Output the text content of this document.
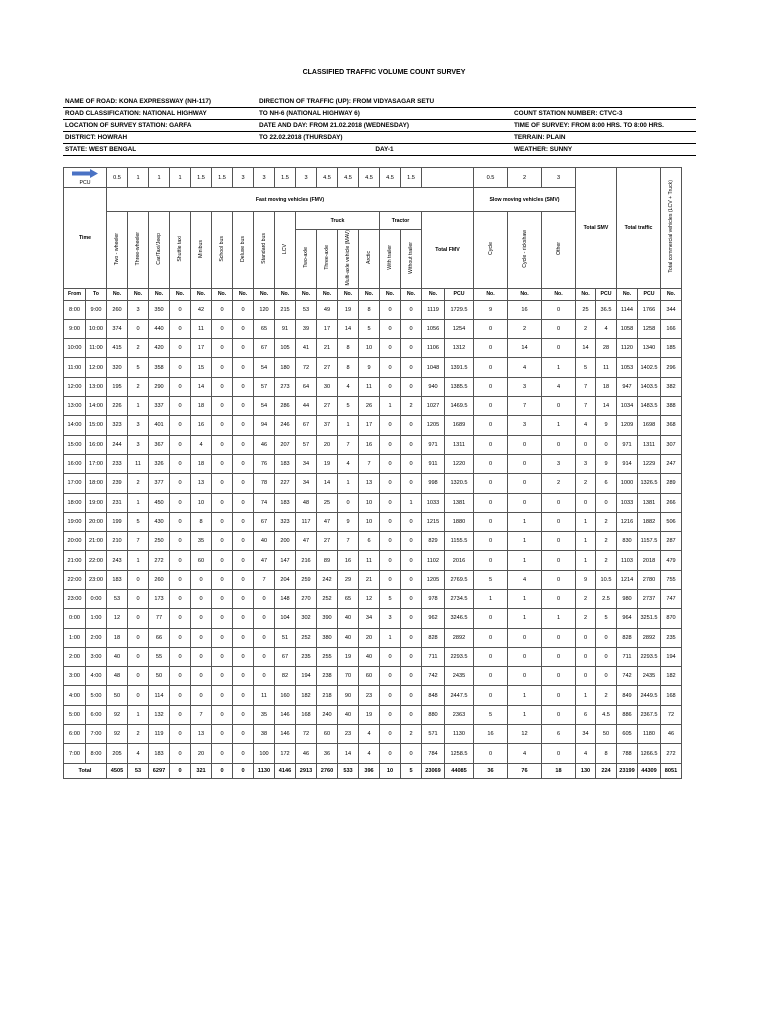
CLASSIFIED TRAFFIC VOLUME COUNT SURVEY
NAME OF ROAD: KONA EXPRESSWAY (NH-117)	DIRECTION OF TRAFFIC (UP): FROM VIDYASAGAR SETU	
ROAD CLASSIFICATION: NATIONAL HIGHWAY	TO NH-6 (NATIONAL HIGHWAY 6)	COUNT STATION NUMBER: CTVC-3
LOCATION OF SURVEY STATION: GARFA	DATE AND DAY: FROM 21.02.2018 (WEDNESDAY)	TIME OF SURVEY: FROM 8:00 HRS. TO 8:00 HRS.
DISTRICT: HOWRAH	TO 22.02.2018 (THURSDAY)	TERRAIN: PLAIN
STATE: WEST BENGAL	DAY-1	WEATHER: SUNNY

PCU		0.5	1	1	1	1.5	1.5	3	3	1.5	3	4.5	4.5	4.5	4.5	1.5			0.5	2	3	Total SMV		Total traffic		Total commercial vehicles (LCV + Truck)
Time		Fast moving vehicles (FMV)																	Slow moving vehicles (SMV)							
		Two - wheeler	Three-wheeler	Car/Taxi/Jeep	Shuttle taxi	Minibus	School bus	Deluxe bus	Standard bus	LCV	Truck				Tractor		Total FMV		Cycle	Cycle - rickshaw	Other					
											Two-axle	Three-axle	Multi-axle vehicle (MAV)	Arctic	With trailer	Without trailer										
From	To	No.	No.	No.	No.	No.	No.	No.	No.	No.	No.	No.	No.	No.	No.	No.	No.	PCU	No.	No.	No.	No.	PCU	No.	PCU	No.
8:00	9:00	260	3	350	0	42	0	0	120	215	53	49	19	8	0	0	1119	1729.5	9	16	0	25	36.5	1144	1766	344
9:00	10:00	374	0	440	0	11	0	0	65	91	39	17	14	5	0	0	1056	1254	0	2	0	2	4	1058	1258	166
10:00	11:00	415	2	420	0	17	0	0	67	105	41	21	8	10	0	0	1106	1312	0	14	0	14	28	1120	1340	185
11:00	12:00	320	5	358	0	15	0	0	54	180	72	27	8	9	0	0	1048	1391.5	0	4	1	5	11	1053	1402.5	296
12:00	13:00	195	2	290	0	14	0	0	57	273	64	30	4	11	0	0	940	1385.5	0	3	4	7	18	947	1403.5	382
13:00	14:00	226	1	337	0	18	0	0	54	286	44	27	5	26	1	2	1027	1469.5	0	7	0	7	14	1034	1483.5	388
14:00	15:00	323	3	401	0	16	0	0	94	246	67	37	1	17	0	0	1205	1689	0	3	1	4	9	1209	1698	368
15:00	16:00	244	3	367	0	4	0	0	46	207	57	20	7	16	0	0	971	1311	0	0	0	0	0	971	1311	307
16:00	17:00	233	11	326	0	18	0	0	76	183	34	19	4	7	0	0	911	1220	0	0	3	3	9	914	1229	247
17:00	18:00	239	2	377	0	13	0	0	78	227	34	14	1	13	0	0	998	1320.5	0	0	2	2	6	1000	1326.5	289
18:00	19:00	231	1	450	0	10	0	0	74	183	48	25	0	10	0	1	1033	1381	0	0	0	0	0	1033	1381	266
19:00	20:00	199	5	430	0	8	0	0	67	323	117	47	9	10	0	0	1215	1880	0	1	0	1	2	1216	1882	506
20:00	21:00	210	7	250	0	35	0	0	40	200	47	27	7	6	0	0	829	1155.5	0	1	0	1	2	830	1157.5	287
21:00	22:00	243	1	272	0	60	0	0	47	147	216	89	16	11	0	0	1102	2016	0	1	0	1	2	1103	2018	479
22:00	23:00	183	0	260	0	0	0	0	7	204	259	242	29	21	0	0	1205	2769.5	5	4	0	9	10.5	1214	2780	755
23:00	0:00	53	0	173	0	0	0	0	0	148	270	252	65	12	5	0	978	2734.5	1	1	0	2	2.5	980	2737	747
0:00	1:00	12	0	77	0	0	0	0	0	104	302	390	40	34	3	0	962	3246.5	0	1	1	2	5	964	3251.5	870
1:00	2:00	18	0	66	0	0	0	0	0	51	252	380	40	20	1	0	828	2892	0	0	0	0	0	828	2892	235
2:00	3:00	40	0	55	0	0	0	0	0	67	235	255	19	40	0	0	711	2293.5	0	0	0	0	0	711	2293.5	194
3:00	4:00	48	0	50	0	0	0	0	0	82	194	238	70	60	0	0	742	2435	0	0	0	0	0	742	2435	182
4:00	5:00	50	0	114	0	0	0	0	11	160	182	218	90	23	0	0	848	2447.5	0	1	0	1	2	849	2449.5	168
5:00	6:00	92	1	132	0	7	0	0	35	146	168	240	40	19	0	0	880	2363	5	1	0	6	4.5	886	2367.5	72
6:00	7:00	92	2	119	0	13	0	0	38	146	72	60	23	4	0	2	571	1130	16	12	6	34	50	605	1180	46
7:00	8:00	205	4	183	0	20	0	0	100	172	46	36	14	4	0	0	784	1258.5	0	4	0	4	8	788	1266.5	272
Total		4505	53	6297	0	321	0	0	1130	4146	2913	2760	533	396	10	5	23069	44085	36	76	18	130	224	23199	44309	8051
